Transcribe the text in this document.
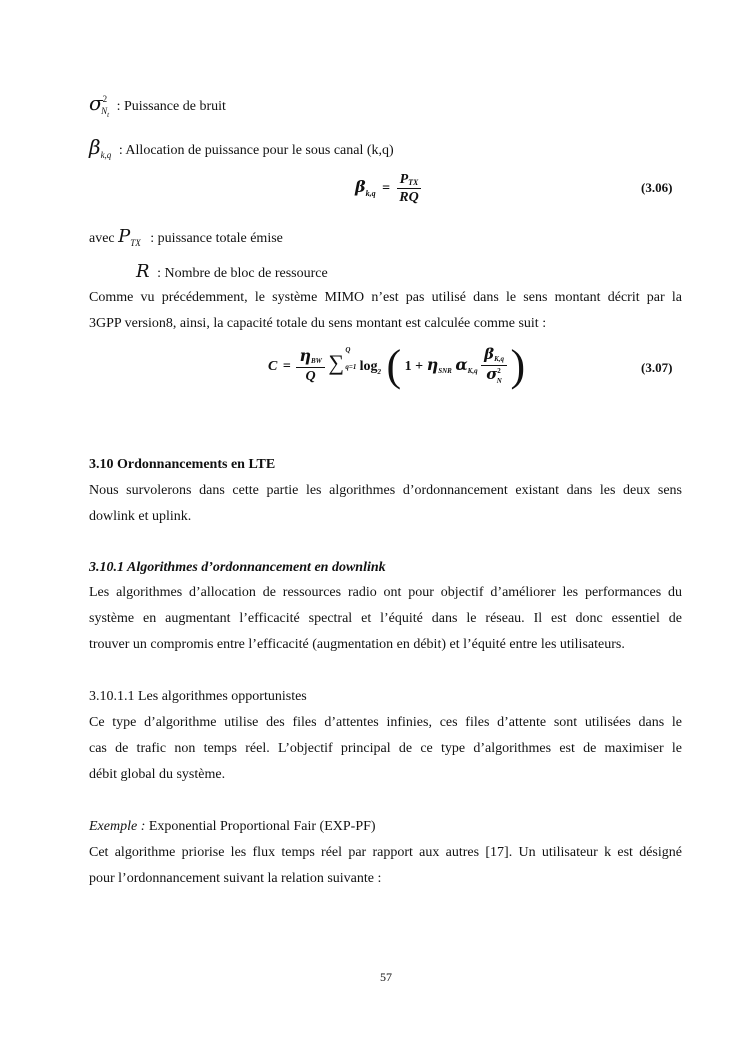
$\sigma^2_{Nt}$ : Puissance de bruit
$\beta_{k,q}$ : Allocation de puissance pour le sous canal (k,q)
$\beta_{k,q} = \frac{\text{PTX}}{RQ}$	(3.06)
avec $P_{TX}$ : puissance totale émise
R : Nombre de bloc de ressource
Comme vu précédemment, le système MIMO n’est pas utilisé dans le sens montant décrit par la
3GPP version8, ainsi, la capacité totale du sens montant est calculée comme suit :
$C = \frac{\text{ηBW}}{Q}$ ∑ Q
q=1 $\log^2$ ( $1 + \eta^{SNR}$ $\alpha^{K,q} \frac{\beta K,q}{\sigma^2_N}$ )	(3.07)
3.10 Ordonnancements en LTE
Nous survolerons dans cette partie les algorithmes d’ordonnancement existant dans les deux sens
dowlink et uplink.
3.10.1 Algorithmes d’ordonnancement en downlink
Les algorithmes d’allocation de ressources radio ont pour objectif d’améliorer les performances du
système en augmentant l’efficacité spectral et l’équité dans le réseau. Il est donc essentiel de
trouver un compromis entre l’efficacité (augmentation en débit) et l’équité entre les utilisateurs.
3.10.1.1 Les algorithmes opportunistes
Ce type d’algorithme utilise des files d’attentes infinies, ces files d’attente sont utilisées dans le
cas de trafic non temps réel. L’objectif principal de ce type d’algorithmes est de maximiser le
débit global du système.
Exemple : Exponential Proportional Fair (EXP-PF)
Cet algorithme priorise les flux temps réel par rapport aux autres [17]. Un utilisateur k est désigné
pour l’ordonnancement suivant la relation suivante :
57
